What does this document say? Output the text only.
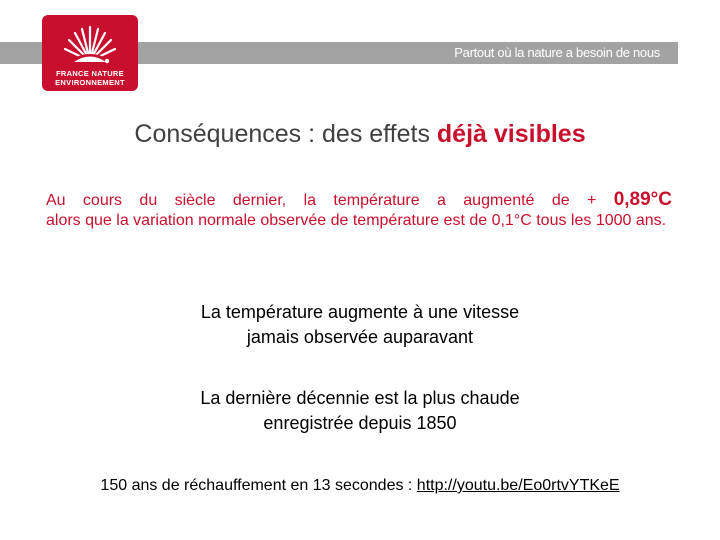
Partout où la nature a besoin de nous
FRANCE NATURE
ENVIRONNEMENT
Conséquences : des effets déjà visibles

Au cours du siècle dernier, la température a augmenté de + 0,89°C
alors que la variation normale observée de température est de 0,1°C tous les 1000 ans.

La température augmente à une vitesse
jamais observée auparavant
La dernière décennie est la plus chaude
enregistrée depuis 1850
150 ans de réchauffement en 13 secondes : http://youtu.be/Eo0rtvYTKeE
